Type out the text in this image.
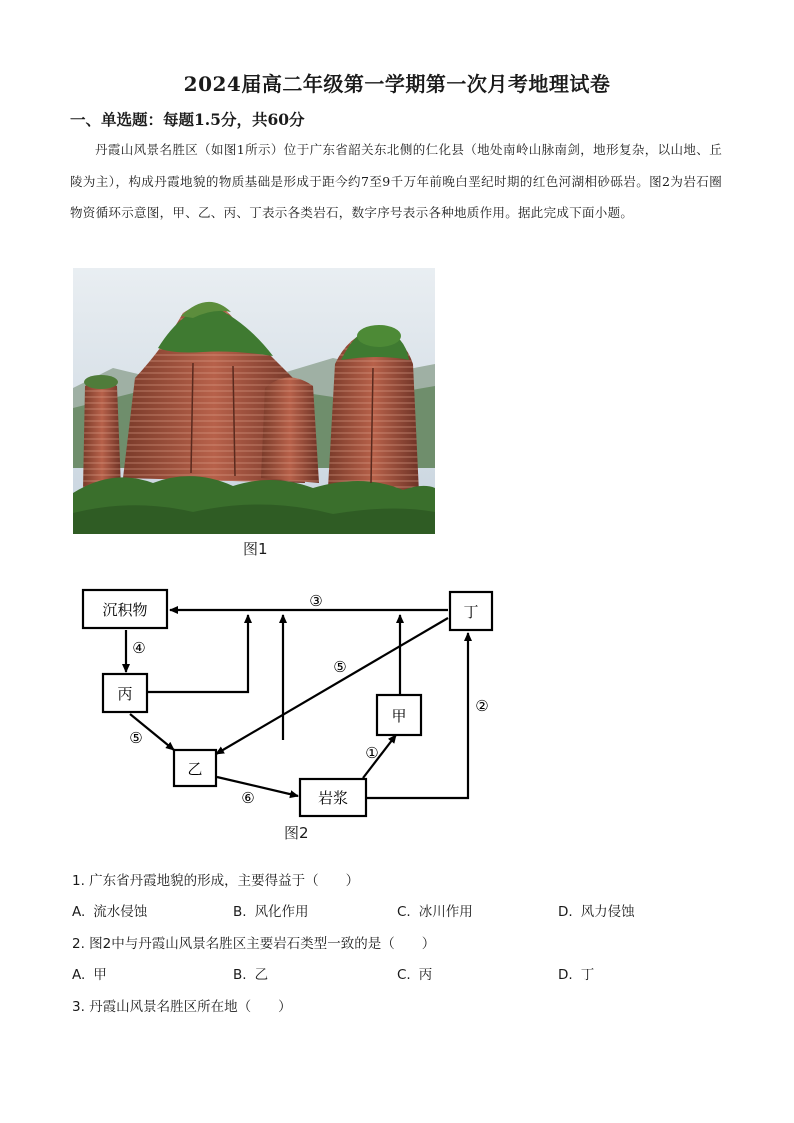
2024届高二年级第一学期第一次月考地理试卷
一、单选题：每题1.5分，共60分
丹霞山风景名胜区（如图1所示）位于广东省韶关东北侧的仁化县（地处南岭山脉南剑，地形复杂，以山地、丘陵为主），构成丹霞地貌的物质基础是形成于距今约7至9千万年前晚白垩纪时期的红色河湖相砂砾岩。图2为岩石圈物资循环示意图，甲、乙、丙、丁表示各类岩石，数字序号表示各种地质作用。据此完成下面小题。
图1
沉积物
丙
乙
岩浆
甲
丁
③
④
⑤
⑤
②
①
⑥
图2
1. 广东省丹霞地貌的形成，主要得益于（　　）
A. 流水侵蚀	B. 风化作用	C. 冰川作用	D. 风力侵蚀
2. 图2中与丹霞山风景名胜区主要岩石类型一致的是（　　）
A. 甲	B. 乙	C. 丙	D. 丁
3. 丹霞山风景名胜区所在地（　　）
